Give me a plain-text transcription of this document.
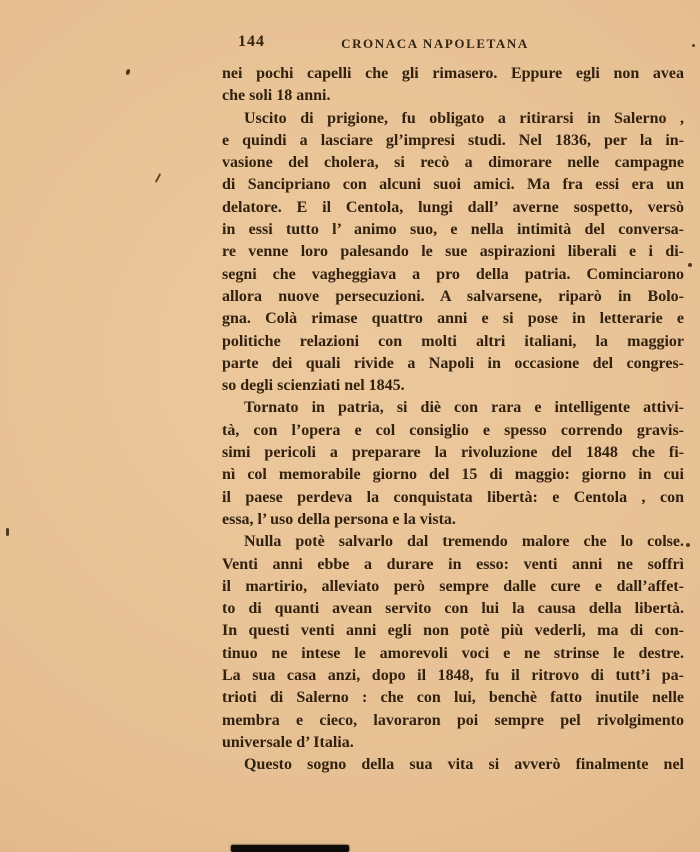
144	CRONACA NAPOLETANA
nei pochi capelli che gli rimasero. Eppure egli non avea
che soli 18 anni.
Uscito di prigione, fu obligato a ritirarsi in Salerno ,
e quindi a lasciare gl’impresi studi. Nel 1836, per la in-
vasione del cholera, si recò a dimorare nelle campagne
di Sancipriano con alcuni suoi amici. Ma fra essi era un
delatore. E il Centola, lungi dall’ averne sospetto, versò
in essi tutto l’ animo suo, e nella intimità del conversa-
re venne loro palesando le sue aspirazioni liberali e i di-
segni che vagheggiava a pro della patria. Cominciarono
allora nuove persecuzioni. A salvarsene, riparò in Bolo-
gna. Colà rimase quattro anni e si pose in letterarie e
politiche relazioni con molti altri italiani, la maggior
parte dei quali rivide a Napoli in occasione del congres-
so degli scienziati nel 1845.
Tornato in patria, si diè con rara e intelligente attivi-
tà, con l’opera e col consiglio e spesso correndo gravis-
simi pericoli a preparare la rivoluzione del 1848 che fi-
nì col memorabile giorno del 15 di maggio: giorno in cui
il paese perdeva la conquistata libertà: e Centola , con
essa, l’ uso della persona e la vista.
Nulla potè salvarlo dal tremendo malore che lo colse.
Venti anni ebbe a durare in esso: venti anni ne soffrì
il martirio, alleviato però sempre dalle cure e dall’affet-
to di quanti avean servito con lui la causa della libertà.
In questi venti anni egli non potè più vederli, ma di con-
tinuo ne intese le amorevoli voci e ne strinse le destre.
La sua casa anzi, dopo il 1848, fu il ritrovo di tutt’i pa-
trioti di Salerno : che con lui, benchè fatto inutile nelle
membra e cieco, lavoraron poi sempre pel rivolgimento
universale d’ Italia.
Questo sogno della sua vita si avverò finalmente nel
